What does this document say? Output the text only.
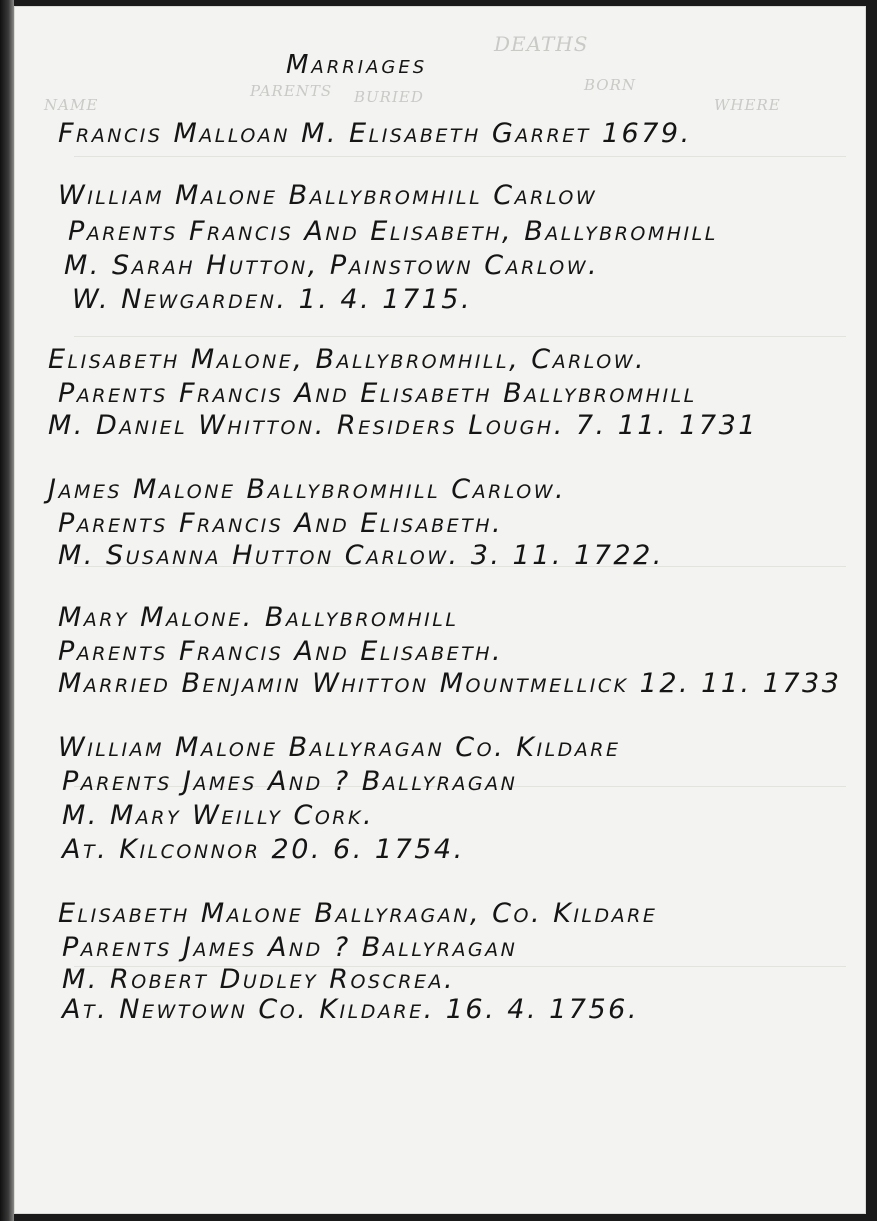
DEATHS
NAME
BORN
BURIED	WHERE
PARENTS
Marriages
Francis Malloan M. Elisabeth Garret 1679.
William Malone Ballybromhill Carlow
Parents Francis And Elisabeth, Ballybromhill
M. Sarah Hutton, Painstown Carlow.
W. Newgarden. 1. 4. 1715.
Elisabeth Malone, Ballybromhill, Carlow.
Parents Francis And Elisabeth Ballybromhill
M. Daniel Whitton. Residers Lough. 7. 11. 1731
James Malone Ballybromhill Carlow.
Parents Francis And Elisabeth.
M. Susanna Hutton Carlow. 3. 11. 1722.
Mary Malone. Ballybromhill
Parents Francis And Elisabeth.
Married Benjamin Whitton Mountmellick 12. 11. 1733
William Malone Ballyragan Co. Kildare
Parents James And ? Ballyragan
M. Mary Weilly Cork.
At. Kilconnor 20. 6. 1754.
Elisabeth Malone Ballyragan, Co. Kildare
Parents James And ? Ballyragan
M. Robert Dudley Roscrea.
At. Newtown Co. Kildare. 16. 4. 1756.
